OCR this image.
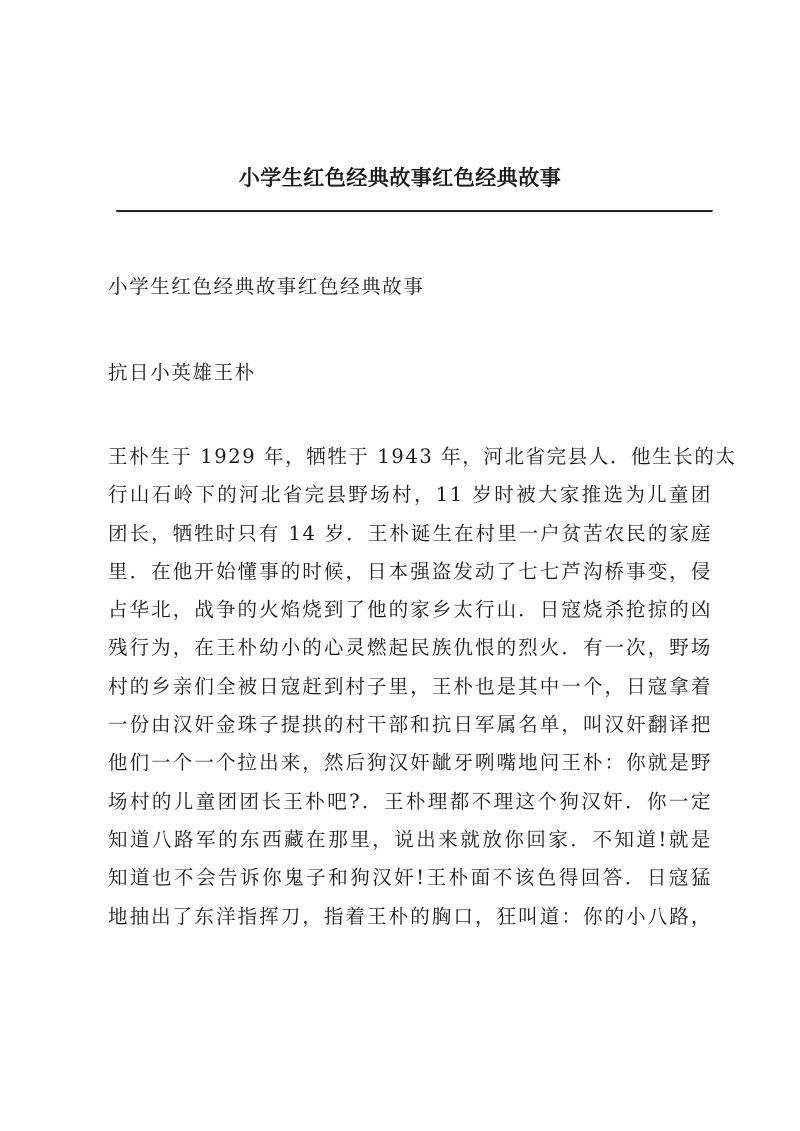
小学生红色经典故事红色经典故事

小学生红色经典故事红色经典故事

抗日小英雄王朴

王朴生于 1929 年，牺牲于 1943 年，河北省完县人．他生长的太

行山石岭下的河北省完县野场村，11 岁时被大家推选为儿童团

团长，牺牲时只有 14 岁．王朴诞生在村里一户贫苦农民的家庭

里．在他开始懂事的时候，日本强盗发动了七七芦沟桥事变，侵

占华北，战争的火焰烧到了他的家乡太行山．日寇烧杀抢掠的凶

残行为，在王朴幼小的心灵燃起民族仇恨的烈火．有一次，野场

村的乡亲们全被日寇赶到村子里，王朴也是其中一个，日寇拿着

一份由汉奸金珠子提拱的村干部和抗日军属名单，叫汉奸翻译把

他们一个一个拉出来，然后狗汉奸龇牙咧嘴地问王朴：你就是野

场村的儿童团团长王朴吧?．王朴理都不理这个狗汉奸．你一定

知道八路军的东西藏在那里，说出来就放你回家．不知道!就是

知道也不会告诉你鬼子和狗汉奸!王朴面不该色得回答．日寇猛

地抽出了东洋指挥刀，指着王朴的胸口，狂叫道：你的小八路，
